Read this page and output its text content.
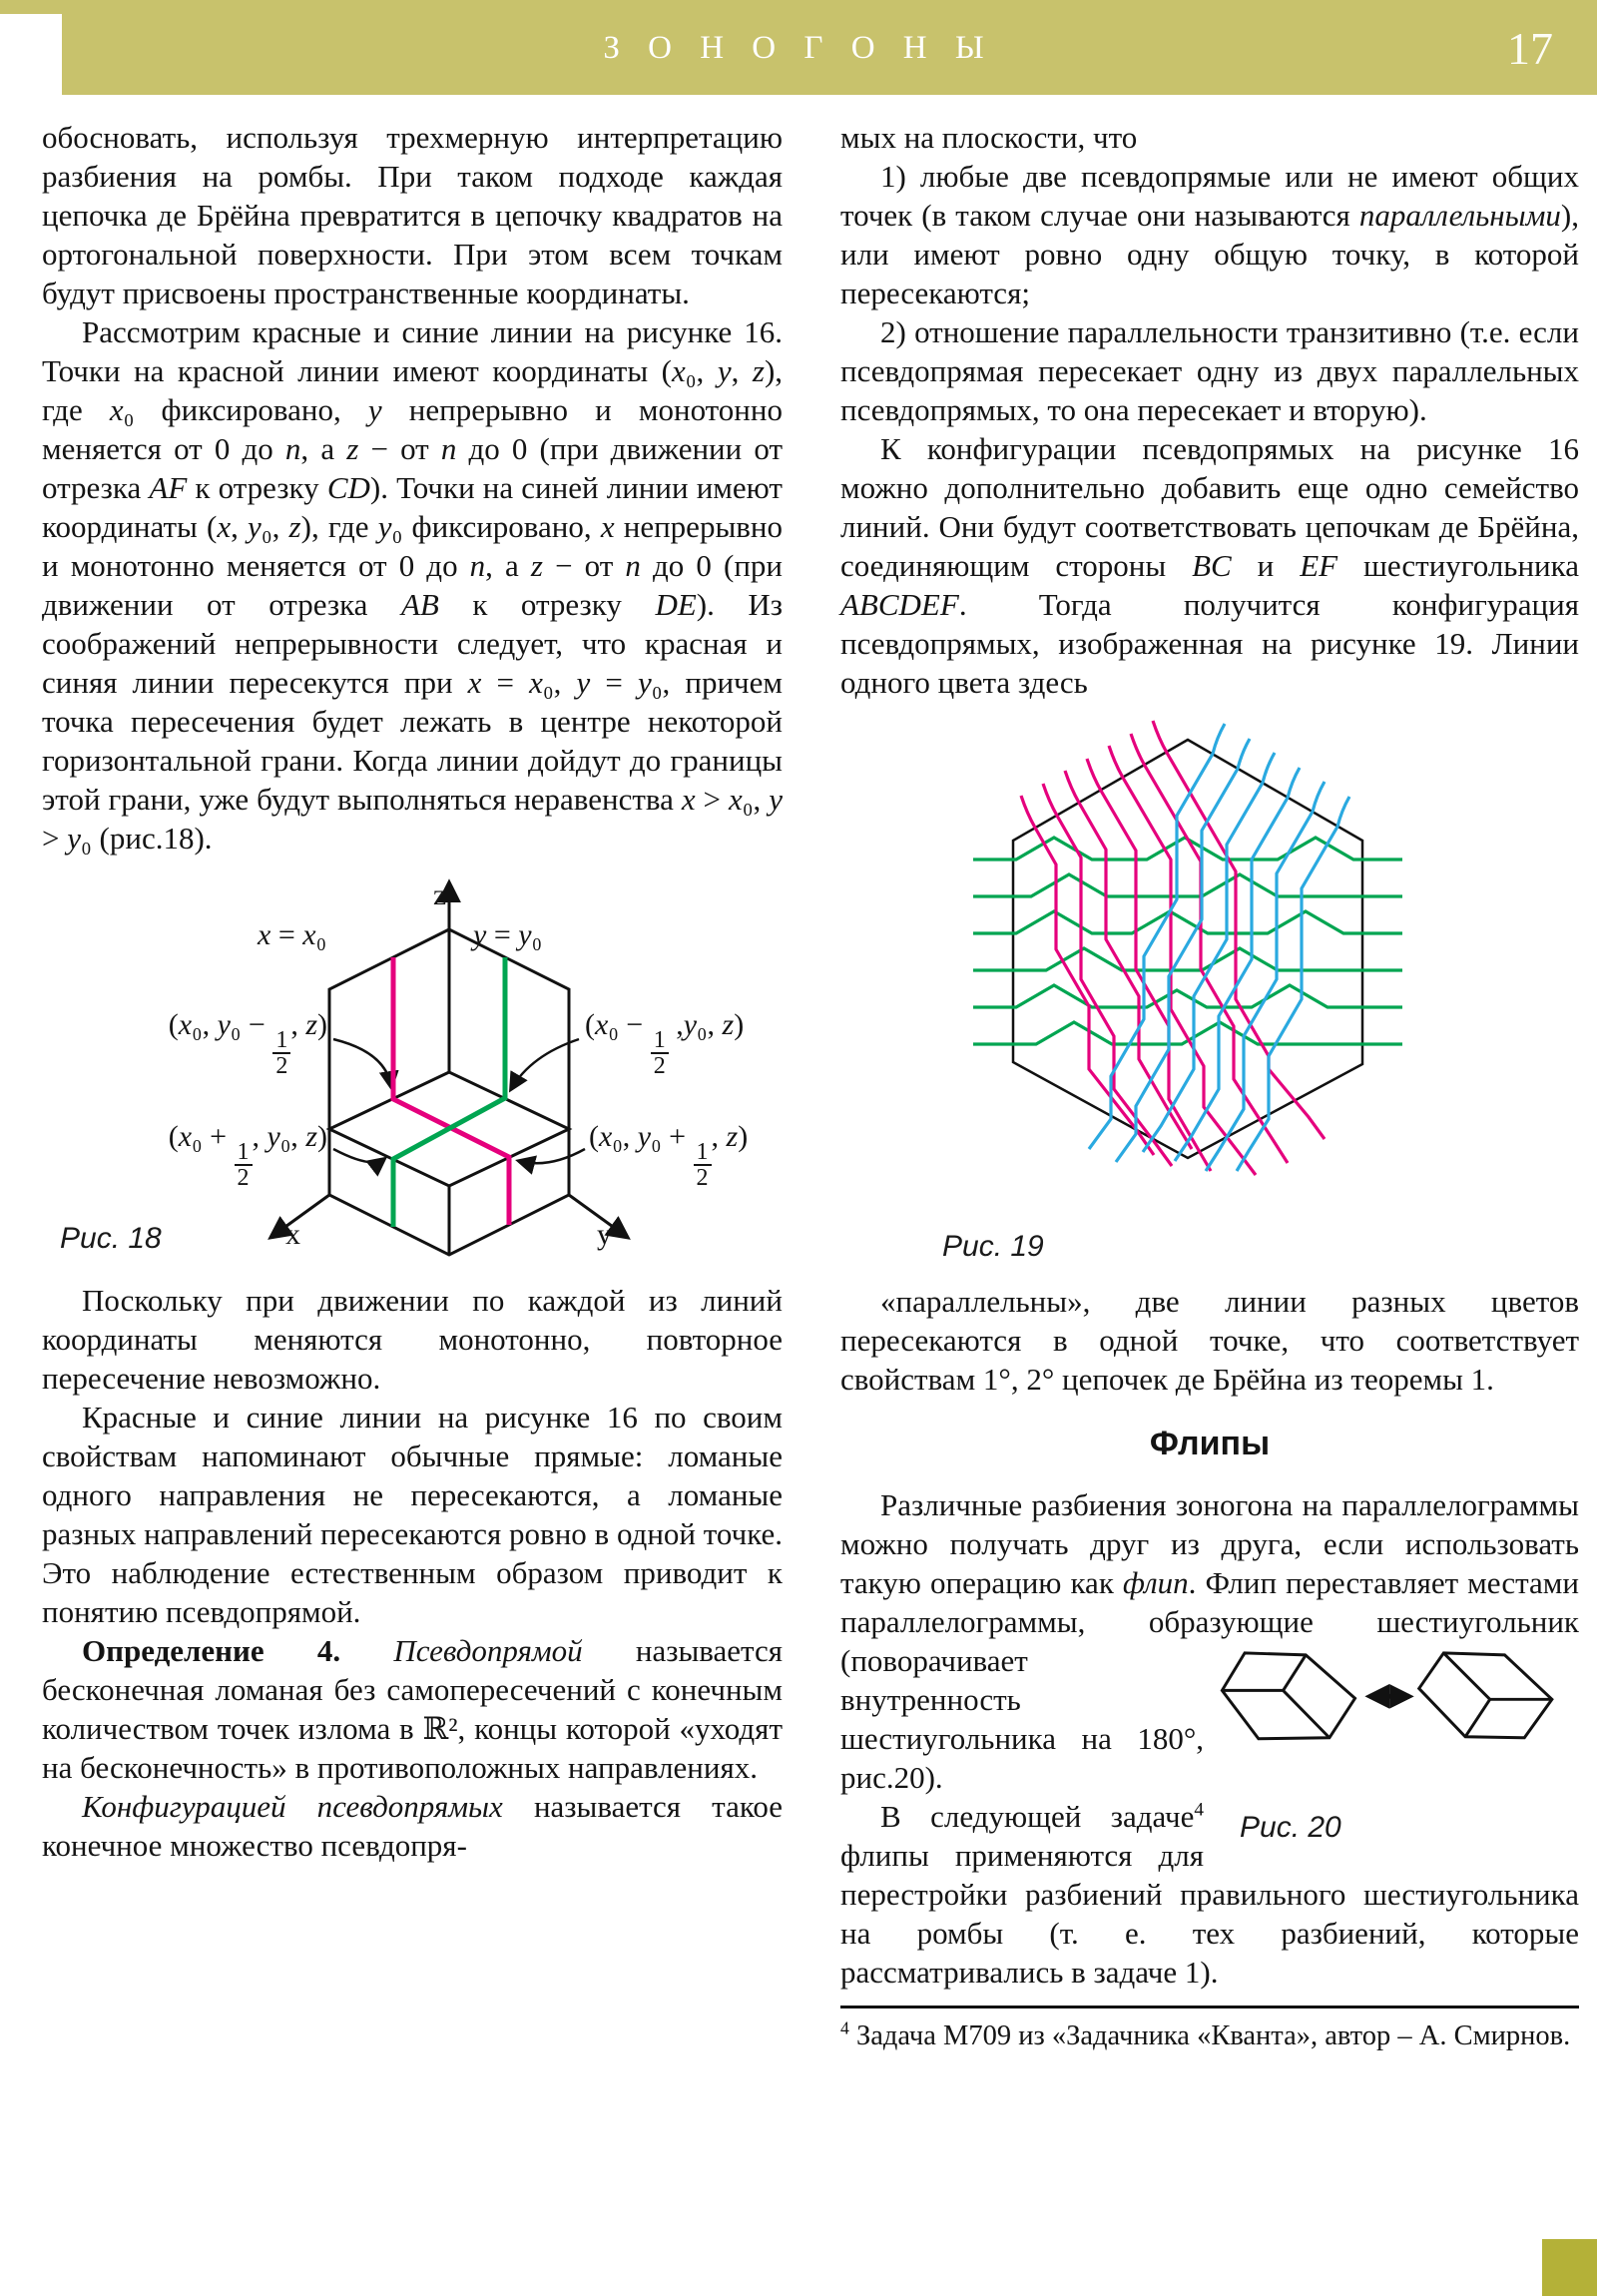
З О Н О Г О Н Ы	17

обосновать, используя трехмерную интерпретацию разбиения на ромбы. При таком подходе каждая цепочка де Брёйна превратится в цепочку квадратов на ортогональной поверхности. При этом всем точкам будут присвоены пространственные координаты.

Рассмотрим красные и синие линии на рисунке 16. Точки на красной линии имеют координаты (x₀, y, z), где x₀ фиксировано, y непрерывно и монотонно меняется от 0 до n, а z − от n до 0 (при движении от отрезка AF к отрезку CD). Точки на синей линии имеют координаты (x, y₀, z), где y₀ фиксировано, x непрерывно и монотонно меняется от 0 до n, а z − от n до 0 (при движении от отрезка AB к отрезку DE). Из соображений непрерывности следует, что красная и синяя линии пересекутся при x = x₀, y = y₀, причем точка пересечения будет лежать в центре некоторой горизонтальной грани. Когда линии дойдут до границы этой грани, уже будут выполняться неравенства x > x₀, y > y₀ (рис.18).

z
x	y
x = x₀	y = y₀
(x₀, y₀ −
$\frac{1}{2}$
, z)
(x₀ +
$\frac{1}{2}$
, y₀, z)
(x₀ −
$\frac{1}{2}$
,y₀, z)
(x₀, y₀ +
$\frac{1}{2}$
, z)
Рис. 18

Поскольку при движении по каждой из линий координаты меняются монотонно, повторное пересечение невозможно.

Красные и синие линии на рисунке 16 по своим свойствам напоминают обычные прямые: ломаные одного направления не пересекаются, а ломаные разных направлений пересекаются ровно в одной точке. Это наблюдение естественным образом приводит к понятию псевдопрямой.

Определение 4. Псевдопрямой называется бесконечная ломаная без самопересечений с конечным количеством точек излома в ℝ², концы которой «уходят на бесконечность» в противоположных направлениях.

Конфигурацией псевдопрямых называется такое конечное множество псевдопря-

мых на плоскости, что

1) любые две псевдопрямые или не имеют общих точек (в таком случае они называются параллельными), или имеют ровно одну общую точку, в которой пересекаются;

2) отношение параллельности транзитивно (т.е. если псевдопрямая пересекает одну из двух параллельных псевдопрямых, то она пересекает и вторую).

К конфигурации псевдопрямых на рисунке 16 можно дополнительно добавить еще одно семейство линий. Они будут соответствовать цепочкам де Брёйна, соединяющим стороны BC и EF шестиугольника ABCDEF. Тогда получится конфигурация псевдопрямых, изображенная на рисунке 19. Линии одного цвета здесь

Рис. 19

«параллельны», две линии разных цветов пересекаются в одной точке, что соответствует свойствам 1°, 2° цепочек де Брёйна из теоремы 1.

Флипы

Различные разбиения зоногона на параллелограммы можно получать друг из друга, если использовать такую операцию как флип. Флип переставляет местами параллелограммы, образующие
Рис. 20
шестиугольник (поворачивает внутренность шестиугольника на 180°, рис.20).

В следующей задаче$^4$ флипы применяются для перестройки разбиений правильного шестиугольника на ромбы (т. е. тех разбиений, которые рассматривались в задаче 1).

$^4$ Задача М709 из «Задачника «Кванта», автор – А. Смирнов.
